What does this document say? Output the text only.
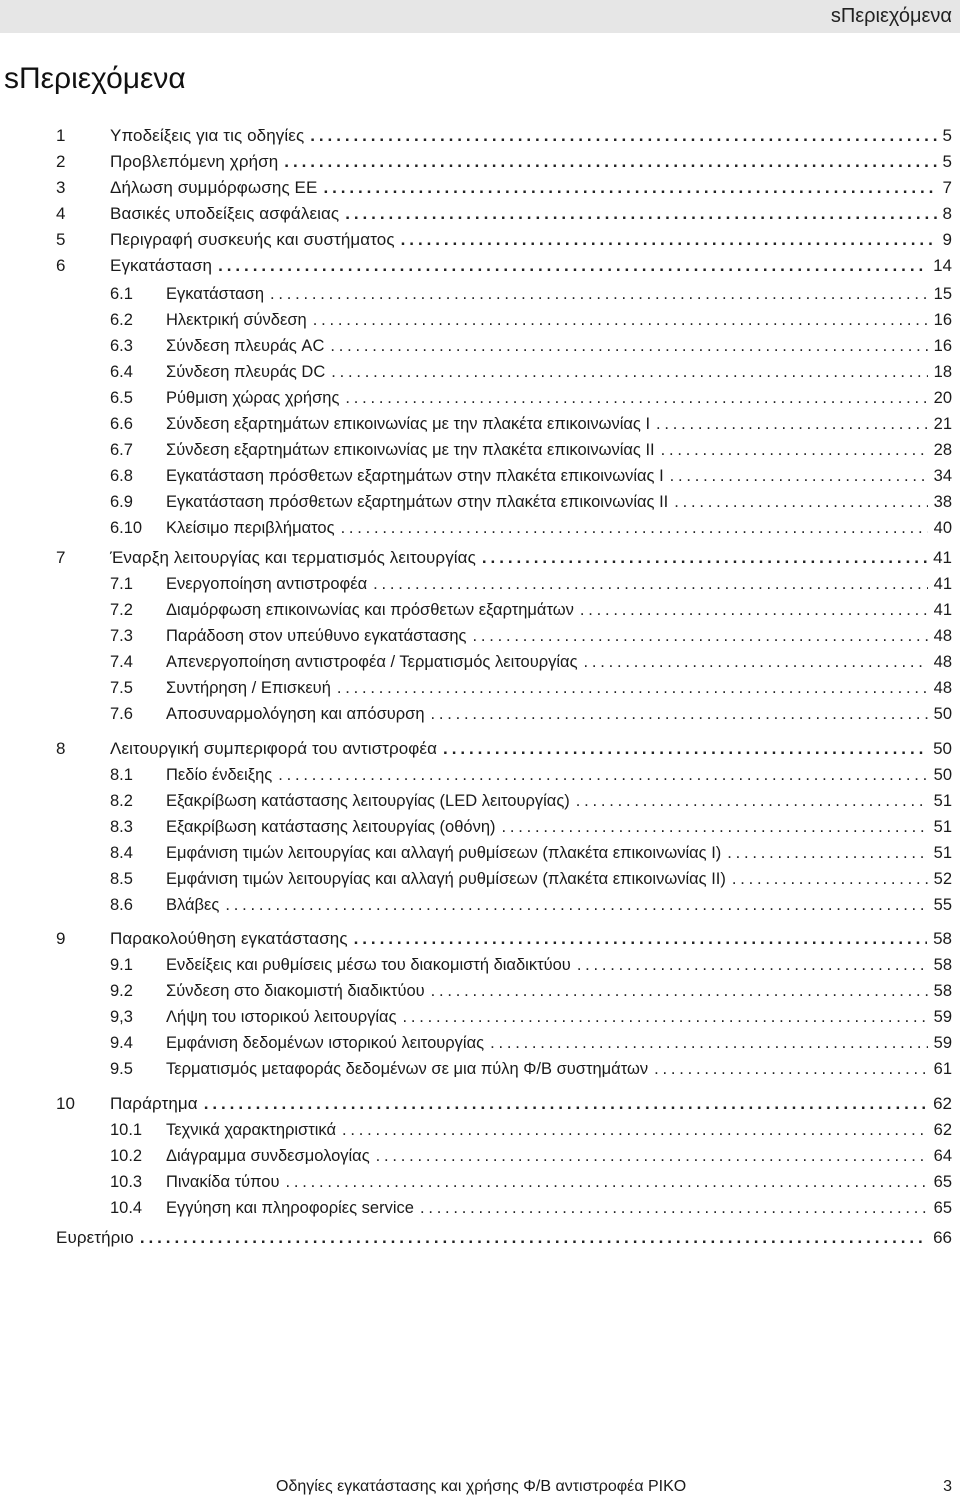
sΠεριεχόμενα
sΠεριεχόμενα
1	Υποδείξεις για τις οδηγίες . . .	5
2	Προβλεπόμενη χρήση . . .	5
3	Δήλωση συμμόρφωσης ΕΕ . . .	7
4	Βασικές υποδείξεις ασφάλειας . . .	8
5	Περιγραφή συσκευής και συστήματος . . .	9
6	Εγκατάσταση . . .	14
6.1	Εγκατάσταση . . .	15
6.2	Ηλεκτρική σύνδεση . . .	16
6.3	Σύνδεση πλευράς AC . . .	16
6.4	Σύνδεση πλευράς DC . . .	18
6.5	Ρύθμιση χώρας χρήσης . . .	20
6.6	Σύνδεση εξαρτημάτων επικοινωνίας με την πλακέτα επικοινωνίας I . . .	21
6.7	Σύνδεση εξαρτημάτων επικοινωνίας με την πλακέτα επικοινωνίας II . . .	28
6.8	Εγκατάσταση πρόσθετων εξαρτημάτων στην πλακέτα επικοινωνίας I . . .	34
6.9	Εγκατάσταση πρόσθετων εξαρτημάτων στην πλακέτα επικοινωνίας II . . .	38
6.10	Κλείσιμο περιβλήματος . . .	40
7	Έναρξη λειτουργίας και τερματισμός λειτουργίας . . .	41
7.1	Ενεργοποίηση αντιστροφέα . . .	41
7.2	Διαμόρφωση επικοινωνίας και πρόσθετων εξαρτημάτων . . .	41
7.3	Παράδοση στον υπεύθυνο εγκατάστασης . . .	48
7.4	Απενεργοποίηση αντιστροφέα / Τερματισμός λειτουργίας . . .	48
7.5	Συντήρηση / Επισκευή . . .	48
7.6	Αποσυναρμολόγηση και απόσυρση . . .	50
8	Λειτουργική συμπεριφορά του αντιστροφέα . . .	50
8.1	Πεδίο ένδειξης . . .	50
8.2	Εξακρίβωση κατάστασης λειτουργίας (LED λειτουργίας) . . .	51
8.3	Εξακρίβωση κατάστασης λειτουργίας (οθόνη) . . .	51
8.4	Εμφάνιση τιμών λειτουργίας και αλλαγή ρυθμίσεων (πλακέτα επικοινωνίας I) . . .	51
8.5	Εμφάνιση τιμών λειτουργίας και αλλαγή ρυθμίσεων (πλακέτα επικοινωνίας II) . . .	52
8.6	Βλάβες . . .	55
9	Παρακολούθηση εγκατάστασης . . .	58
9.1	Ενδείξεις και ρυθμίσεις μέσω του διακομιστή διαδικτύου . . .	58
9.2	Σύνδεση στο διακομιστή διαδικτύου . . .	58
9,3	Λήψη του ιστορικού λειτουργίας . . .	59
9.4	Εμφάνιση δεδομένων ιστορικού λειτουργίας . . .	59
9.5	Τερματισμός μεταφοράς δεδομένων σε μια πύλη Φ/Β συστημάτων . . .	61
10	Παράρτημα . . .	62
10.1	Τεχνικά χαρακτηριστικά . . .	62
10.2	Διάγραμμα συνδεσμολογίας . . .	64
10.3	Πινακίδα τύπου . . .	65
10.4	Εγγύηση και πληροφορίες service . . .	65
Ευρετήριο . . .	66
Οδηγίες εγκατάστασης και χρήσης Φ/Β αντιστροφέα PIKO	3
